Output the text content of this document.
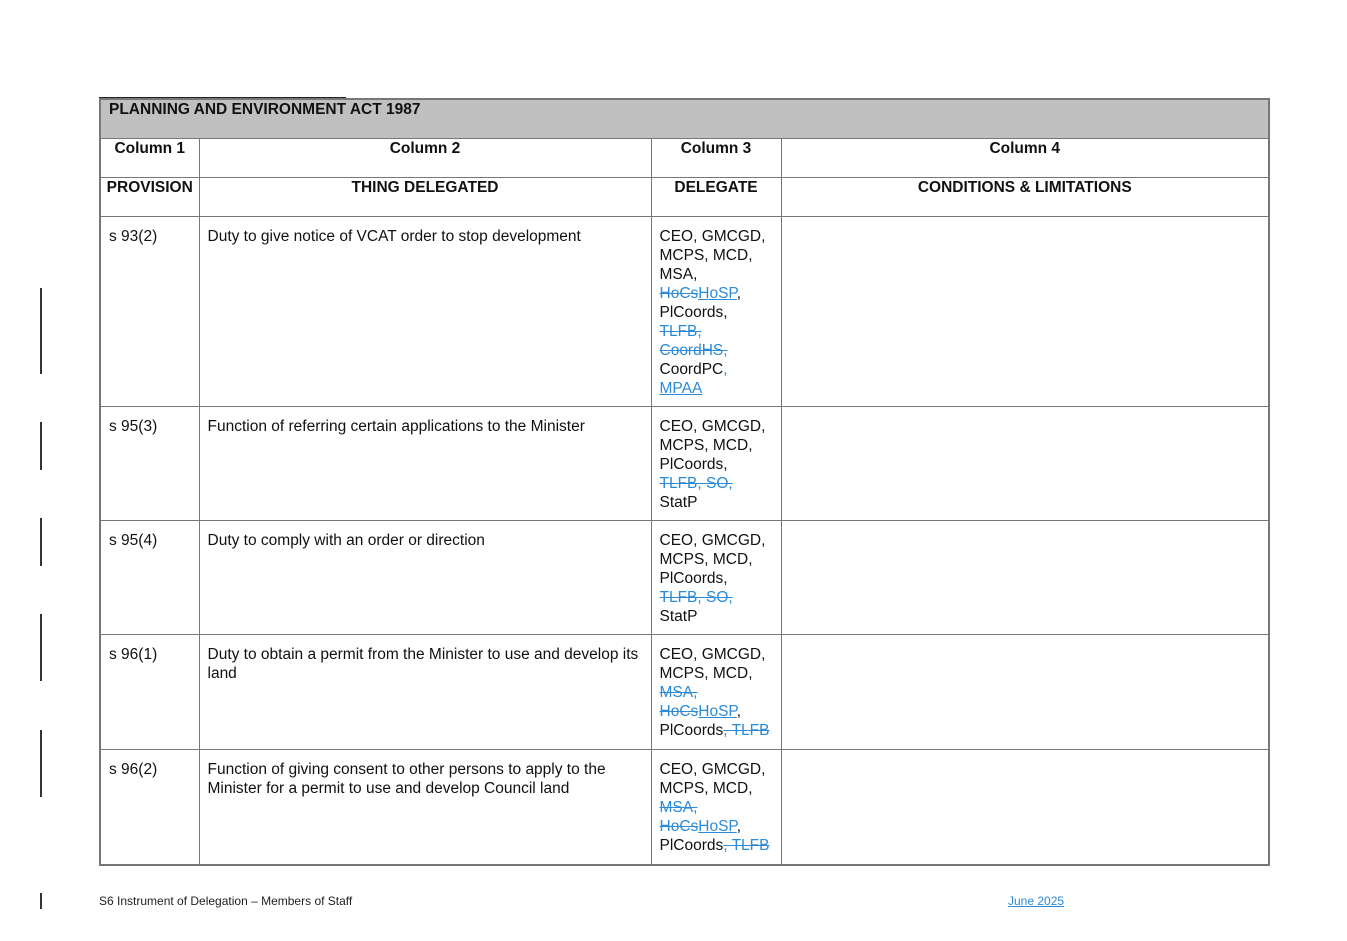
PLANNING AND ENVIRONMENT ACT 1987			
Column 1	Column 2	Column 3	Column 4
PROVISION	THING DELEGATED	DELEGATE	CONDITIONS & LIMITATIONS
s 93(2)	Duty to give notice of VCAT order to stop development	CEO, GMCGD, MCPS, MCD, MSA, HoCsHoSP, PlCoords, TLFB, CoordHS, CoordPC, MPAA	
s 95(3)	Function of referring certain applications to the Minister	CEO, GMCGD, MCPS, MCD, PlCoords, TLFB, SO, StatP	
s 95(4)	Duty to comply with an order or direction	CEO, GMCGD, MCPS, MCD, PlCoords, TLFB, SO, StatP	
s 96(1)	Duty to obtain a permit from the Minister to use and develop its land	CEO, GMCGD, MCPS, MCD, MSA, HoCsHoSP, PlCoords, TLFB	
s 96(2)	Function of giving consent to other persons to apply to the Minister for a permit to use and develop Council land	CEO, GMCGD, MCPS, MCD, MSA, HoCsHoSP, PlCoords, TLFB	
S6 Instrument of Delegation – Members of Staff	June 2025
